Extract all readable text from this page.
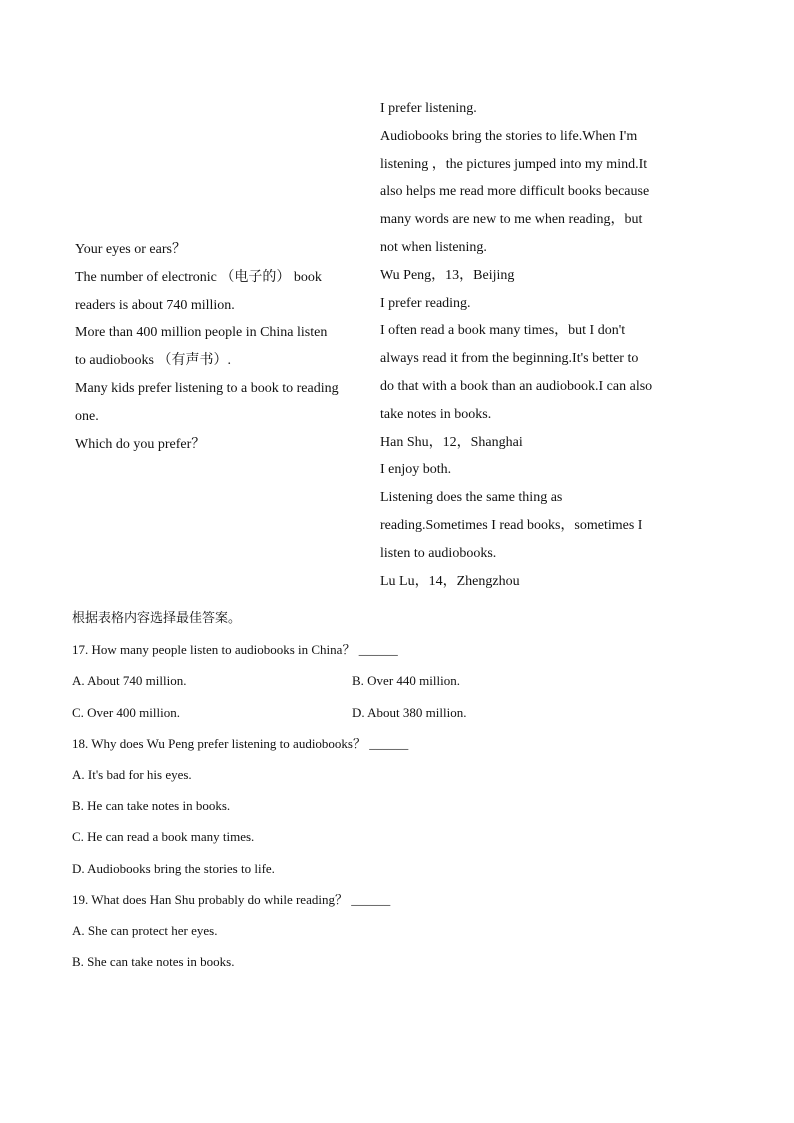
Your eyes or ears？
The number of electronic （电子的） book
readers is about 740 million.
More than 400 million people in China listen
to audiobooks （有声书）.
Many kids prefer listening to a book to reading
one.
Which do you prefer？
I prefer listening.
Audiobooks bring the stories to life.When I'm
listening ，the pictures jumped into my mind.It
also helps me read more difficult books because
many words are new to me when reading，but
not when listening.
Wu Peng，13，Beijing
I prefer reading.
I often read a book many times，but I don't
always read it from the beginning.It's better to
do that with a book than an audiobook.I can also
take notes in books.
Han Shu，12，Shanghai
I enjoy both.
Listening does the same thing as
reading.Sometimes I read books，sometimes I
listen to audiobooks.
Lu Lu，14，Zhengzhou
根据表格内容选择最佳答案。
17. How many people listen to audiobooks in China？ ______
A. About 740 million.	B. Over 440 million.
C. Over 400 million.	D. About 380 million.
18. Why does Wu Peng prefer listening to audiobooks？ ______
A. It's bad for his eyes.
B. He can take notes in books.
C. He can read a book many times.
D. Audiobooks bring the stories to life.
19. What does Han Shu probably do while reading？ ______
A. She can protect her eyes.
B. She can take notes in books.
